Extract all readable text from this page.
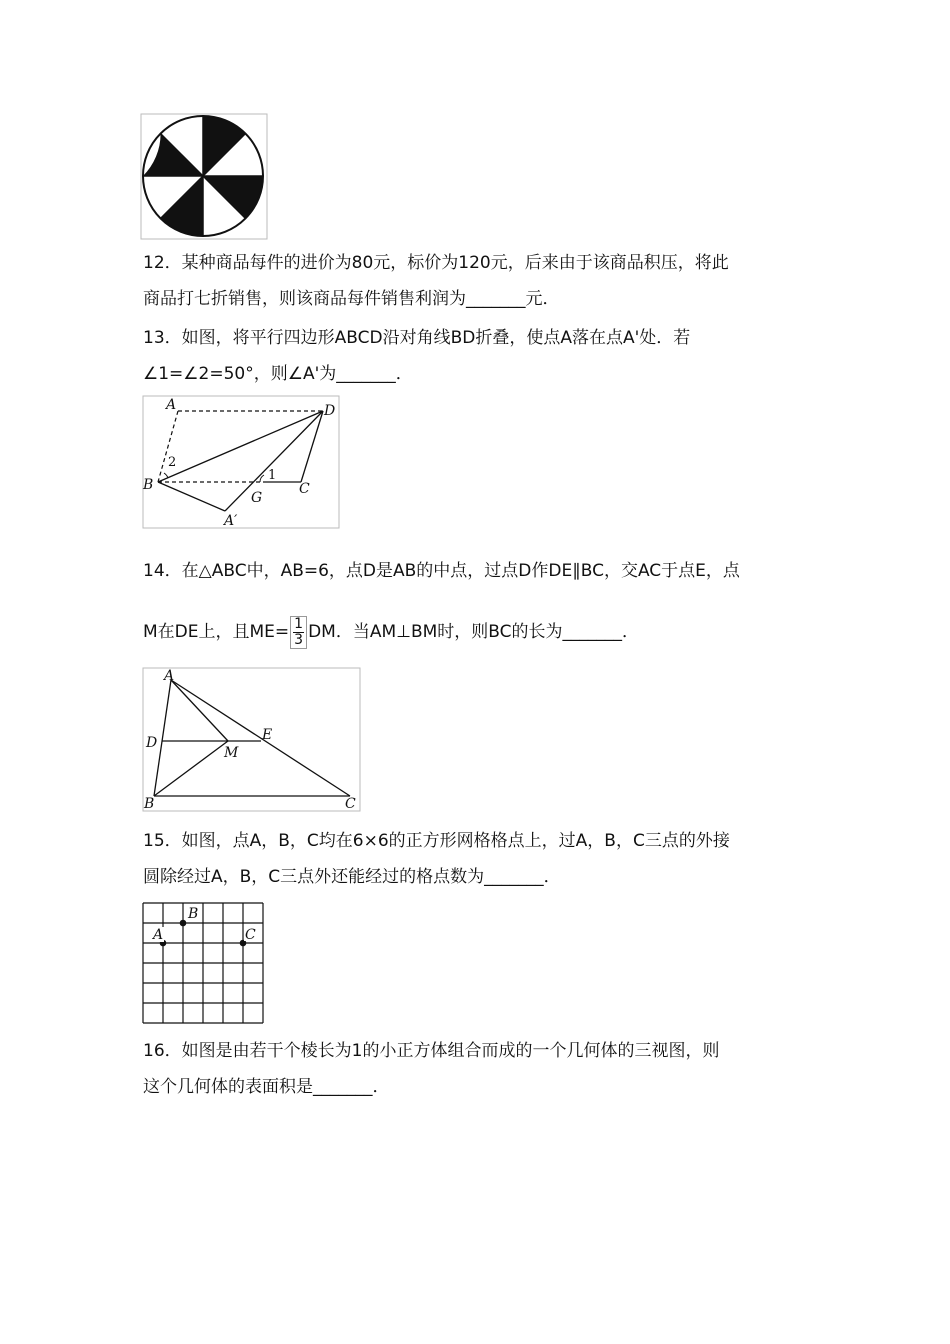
12．某种商品每件的进价为80元，标价为120元，后来由于该商品积压，将此
商品打七折销售，则该商品每件销售利润为_______元．
13．如图，将平行四边形ABCD沿对角线BD折叠，使点A落在点A'处．若
∠1=∠2=50°，则∠A'为_______．
A	D
B	C
G
A′
1
2
14．在△ABC中，AB=6，点D是AB的中点，过点D作DE∥BC，交AC于点E，点
M在DE上，且$ME= \frac{1}{3}$ DM．当AM⊥BM时，则BC的长为_______．
A
D	E
M
B	C
15．如图，点A，B，C均在6×6的正方形网格格点上，过A，B，C三点的外接
圆除经过A，B，C三点外还能经过的格点数为_______．
A
B
C
16．如图是由若干个棱长为1的小正方体组合而成的一个几何体的三视图，则
这个几何体的表面积是_______．
